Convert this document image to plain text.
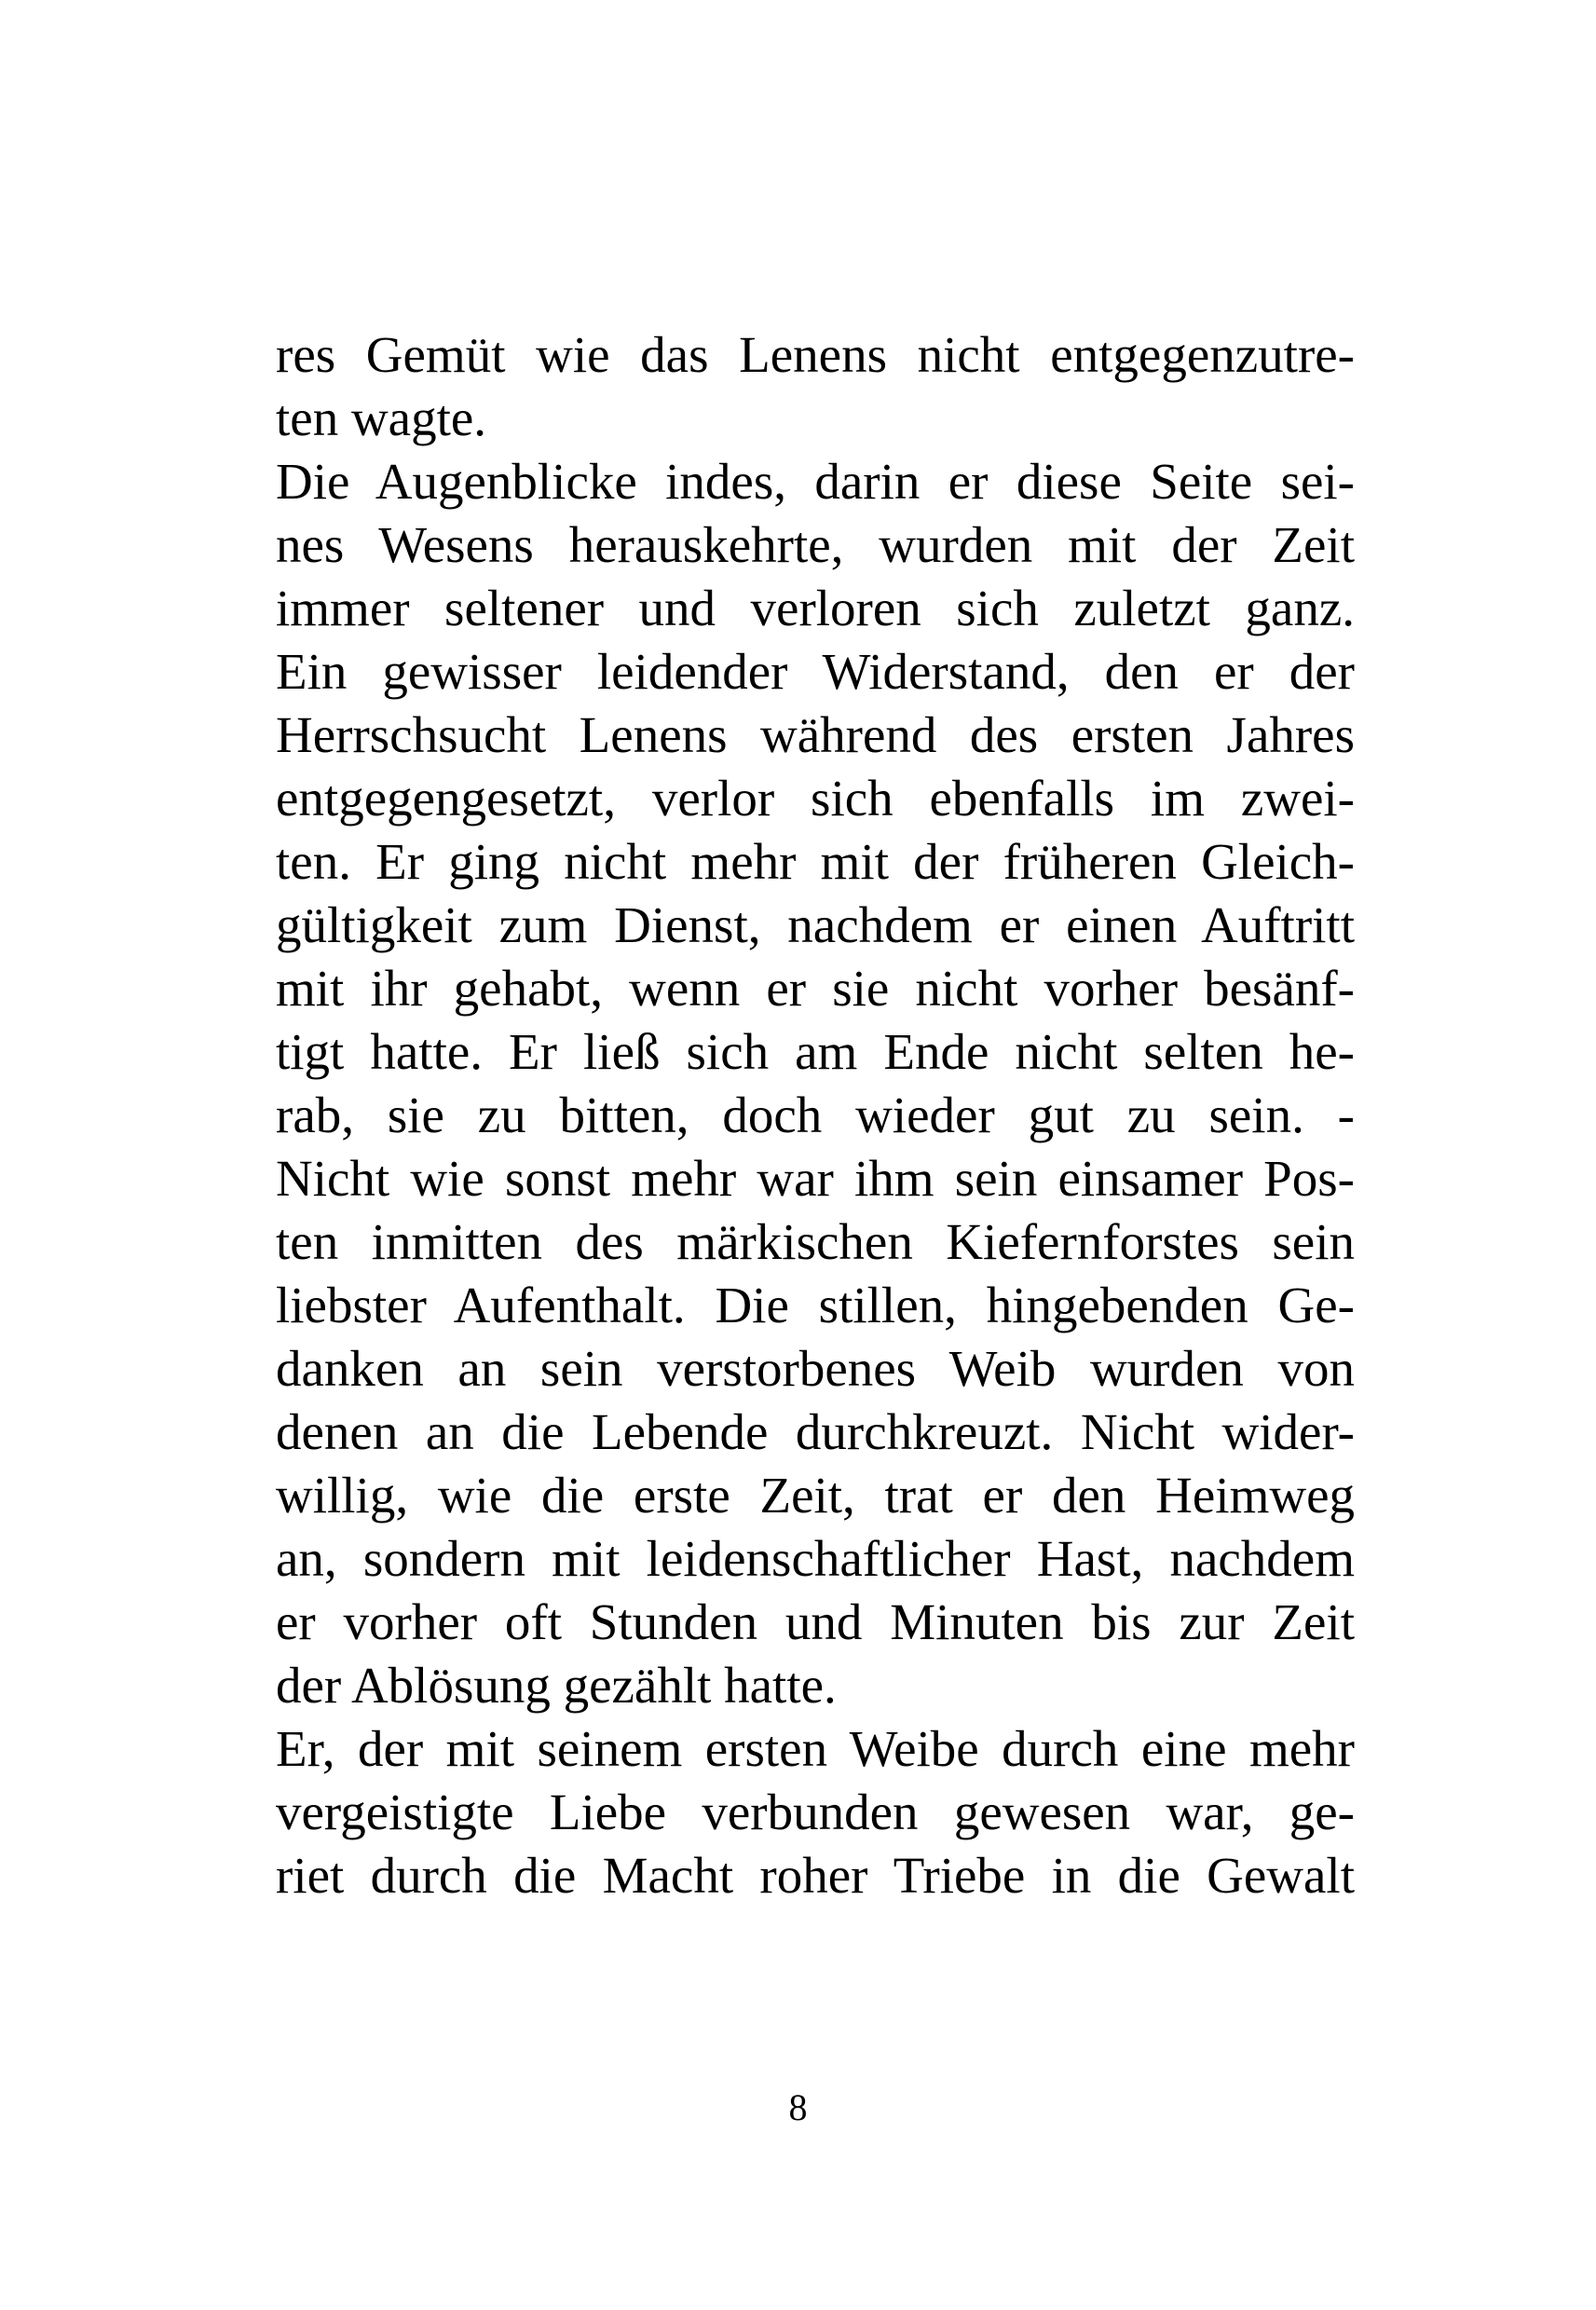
res Gemüt wie das Lenens nicht entgegenzutre-
ten wagte.
Die Augenblicke indes, darin er diese Seite sei-
nes Wesens herauskehrte, wurden mit der Zeit
immer seltener und verloren sich zuletzt ganz.
Ein gewisser leidender Widerstand, den er der
Herrschsucht Lenens während des ersten Jahres
entgegengesetzt, verlor sich ebenfalls im zwei-
ten. Er ging nicht mehr mit der früheren Gleich-
gültigkeit zum Dienst, nachdem er einen Auftritt
mit ihr gehabt, wenn er sie nicht vorher besänf-
tigt hatte. Er ließ sich am Ende nicht selten he-
rab, sie zu bitten, doch wieder gut zu sein. -
Nicht wie sonst mehr war ihm sein einsamer Pos-
ten inmitten des märkischen Kiefernforstes sein
liebster Aufenthalt. Die stillen, hingebenden Ge-
danken an sein verstorbenes Weib wurden von
denen an die Lebende durchkreuzt. Nicht wider-
willig, wie die erste Zeit, trat er den Heimweg
an, sondern mit leidenschaftlicher Hast, nachdem
er vorher oft Stunden und Minuten bis zur Zeit
der Ablösung gezählt hatte.
Er, der mit seinem ersten Weibe durch eine mehr
vergeistigte Liebe verbunden gewesen war, ge-
riet durch die Macht roher Triebe in die Gewalt
8
